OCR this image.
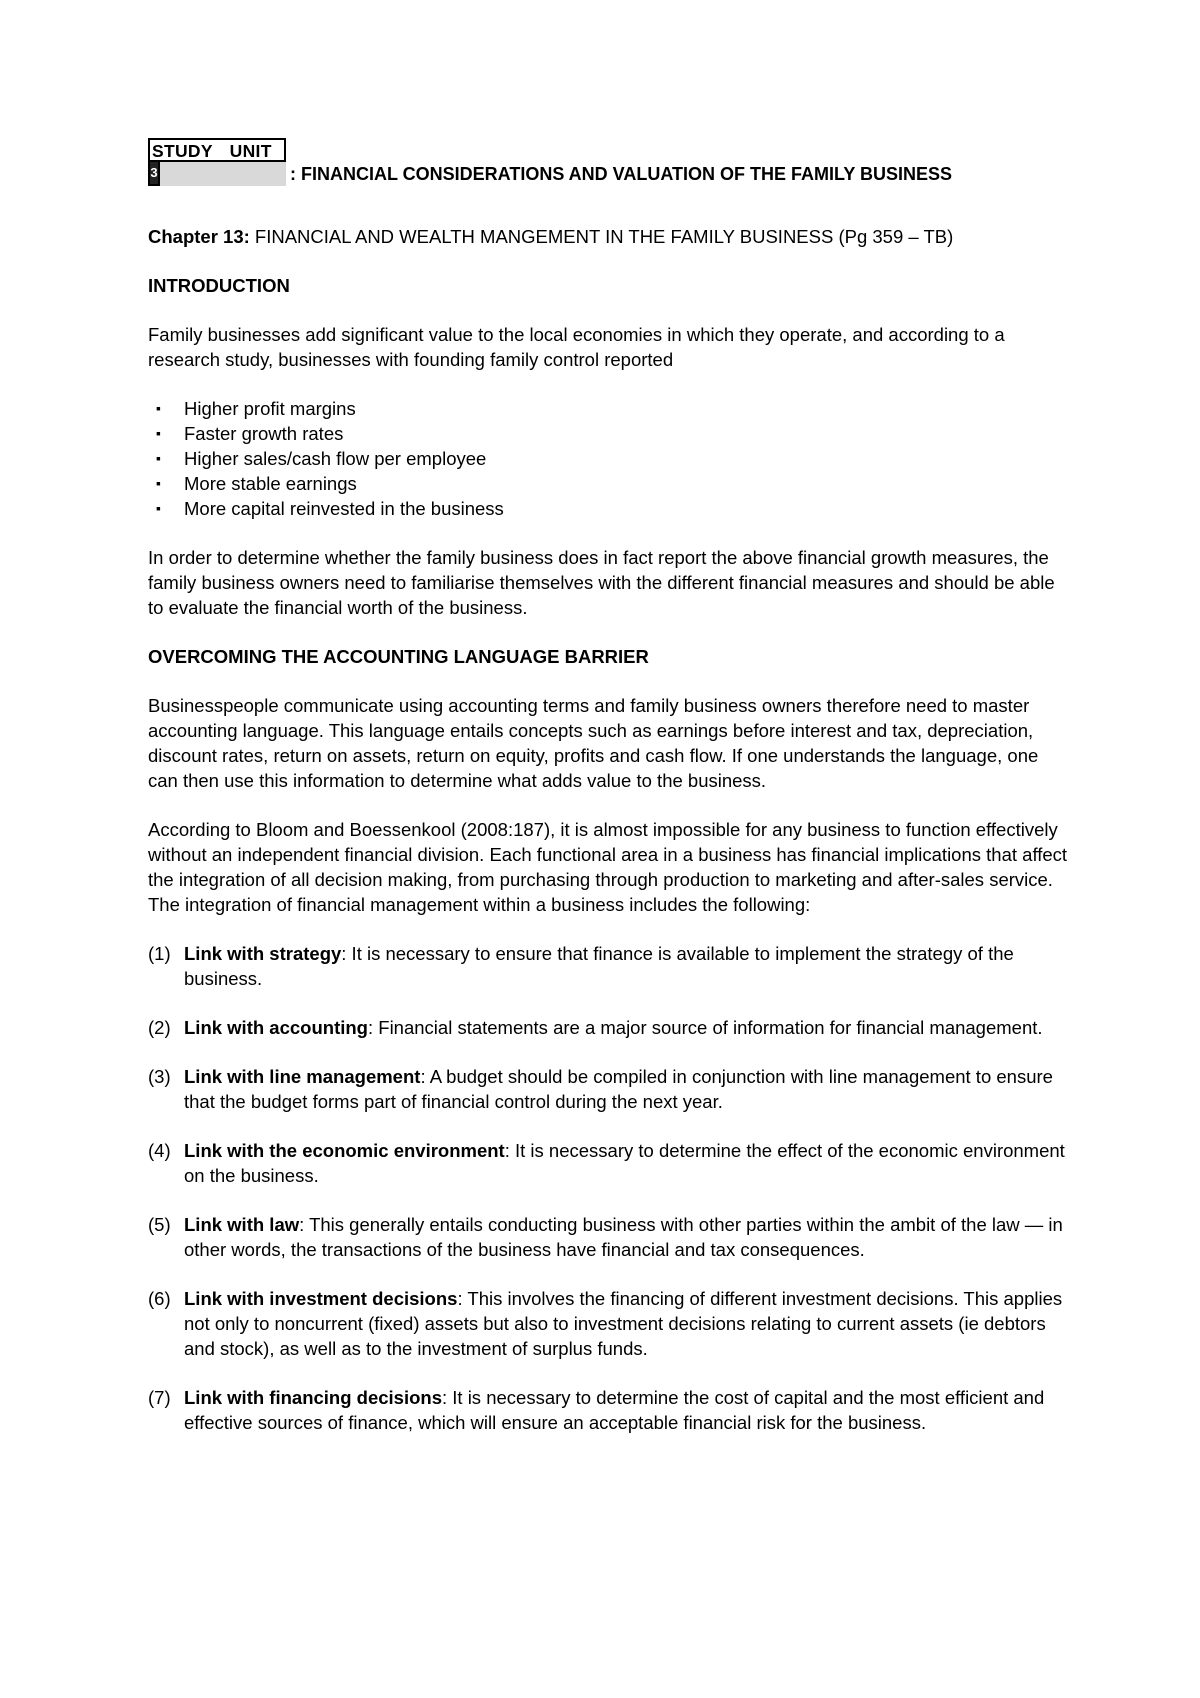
STUDY UNIT
3	: FINANCIAL CONSIDERATIONS AND VALUATION OF THE FAMILY BUSINESS
Chapter 13: FINANCIAL AND WEALTH MANGEMENT IN THE FAMILY BUSINESS (Pg 359 – TB)
INTRODUCTION
Family businesses add significant value to the local economies in which they operate, and according to a research study, businesses with founding family control reported
▪ Higher profit margins
▪ Faster growth rates
▪ Higher sales/cash flow per employee
▪ More stable earnings
▪ More capital reinvested in the business
In order to determine whether the family business does in fact report the above financial growth measures, the family business owners need to familiarise themselves with the different financial measures and should be able to evaluate the financial worth of the business.
OVERCOMING THE ACCOUNTING LANGUAGE BARRIER
Businesspeople communicate using accounting terms and family business owners therefore need to master accounting language. This language entails concepts such as earnings before interest and tax, depreciation, discount rates, return on assets, return on equity, profits and cash flow. If one understands the language, one can then use this information to determine what adds value to the business.
According to Bloom and Boessenkool (2008:187), it is almost impossible for any business to function effectively without an independent financial division. Each functional area in a business has financial implications that affect the integration of all decision making, from purchasing through production to marketing and after-sales service. The integration of financial management within a business includes the following:
(1) Link with strategy: It is necessary to ensure that finance is available to implement the strategy of the business.
(2) Link with accounting: Financial statements are a major source of information for financial management.
(3) Link with line management: A budget should be compiled in conjunction with line management to ensure that the budget forms part of financial control during the next year.
(4) Link with the economic environment: It is necessary to determine the effect of the economic environment on the business.
(5) Link with law: This generally entails conducting business with other parties within the ambit of the law — in other words, the transactions of the business have financial and tax consequences.
(6) Link with investment decisions: This involves the financing of different investment decisions. This applies not only to noncurrent (fixed) assets but also to investment decisions relating to current assets (ie debtors and stock), as well as to the investment of surplus funds.
(7) Link with financing decisions: It is necessary to determine the cost of capital and the most efficient and effective sources of finance, which will ensure an acceptable financial risk for the business.
